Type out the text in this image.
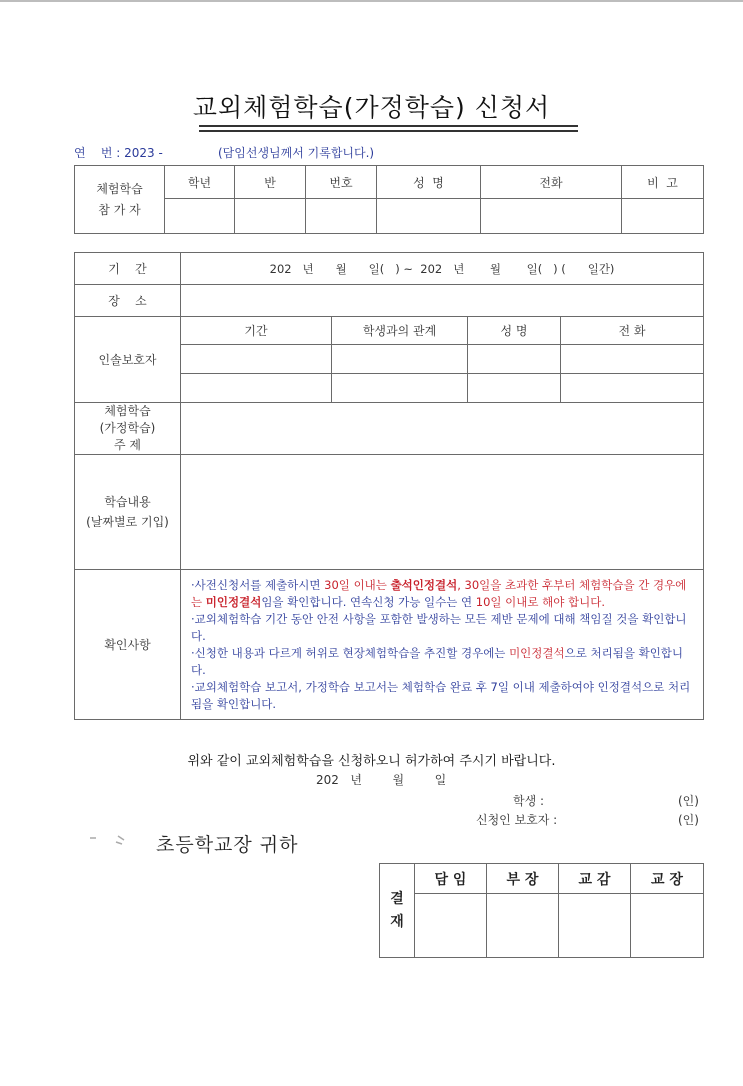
교외체험학습(가정학습) 신청서
연    번 : 2023 -	(담임선생님께서 기록합니다.)
체험학습
참 가 자	학년	반	번호	성  명	전화	비  고

기    간	202   년      월      일(   ) ~  202   년       월       일(   ) (      일간)			
장    소				
인솔보호자	기간	학생과의 관계	성 명	전 화

체험학습
(가정학습)
주 제				

학습내용
(날짜별로 기입)				

확인사항	·사전신청서를 제출하시면 30일 이내는 출석인정결석, 30일을 초과한 후부터 체험학습을 간 경우에는 미인정결석임을 확인합니다. 연속신청 가능 일수는 연 10일 이내로 해야 합니다.
·교외체험학습 기간 동안 안전 사항을 포함한 발생하는 모든 제반 문제에 대해 책임질 것을 확인합니다.
·신청한 내용과 다르게 허위로 현장체험학습을 추진할 경우에는 미인정결석으로 처리됨을 확인합니다.
·교외체험학습 보고서, 가정학습 보고서는 체험학습 완료 후 7일 이내 제출하여야 인정결석으로 처리됨을 확인합니다.			
위와 같이 교외체험학습을 신청하오니 허가하여 주시기 바랍니다.
202   년        월        일
학생 :	(인)
신청인 보호자 :	(인)
초등학교장 귀하
결
재	담 임	부 장	교 감	교 장
